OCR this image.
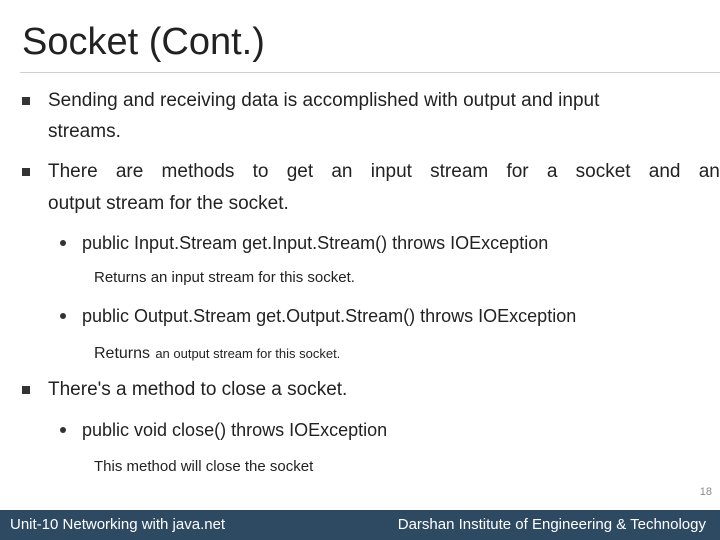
Socket (Cont.)
Sending and receiving data is accomplished with output and input
streams.
There are methods to get an input stream for a socket and an
output stream for the socket.
public Input.Stream get.Input.Stream() throws IOException
Returns an input stream for this socket.
public Output.Stream get.Output.Stream() throws IOException
Returns an output stream for this socket.
There's a method to close a socket.
public void close() throws IOException
This method will close the socket
18
Unit-10 Networking with java.net	Darshan Institute of Engineering & Technology
